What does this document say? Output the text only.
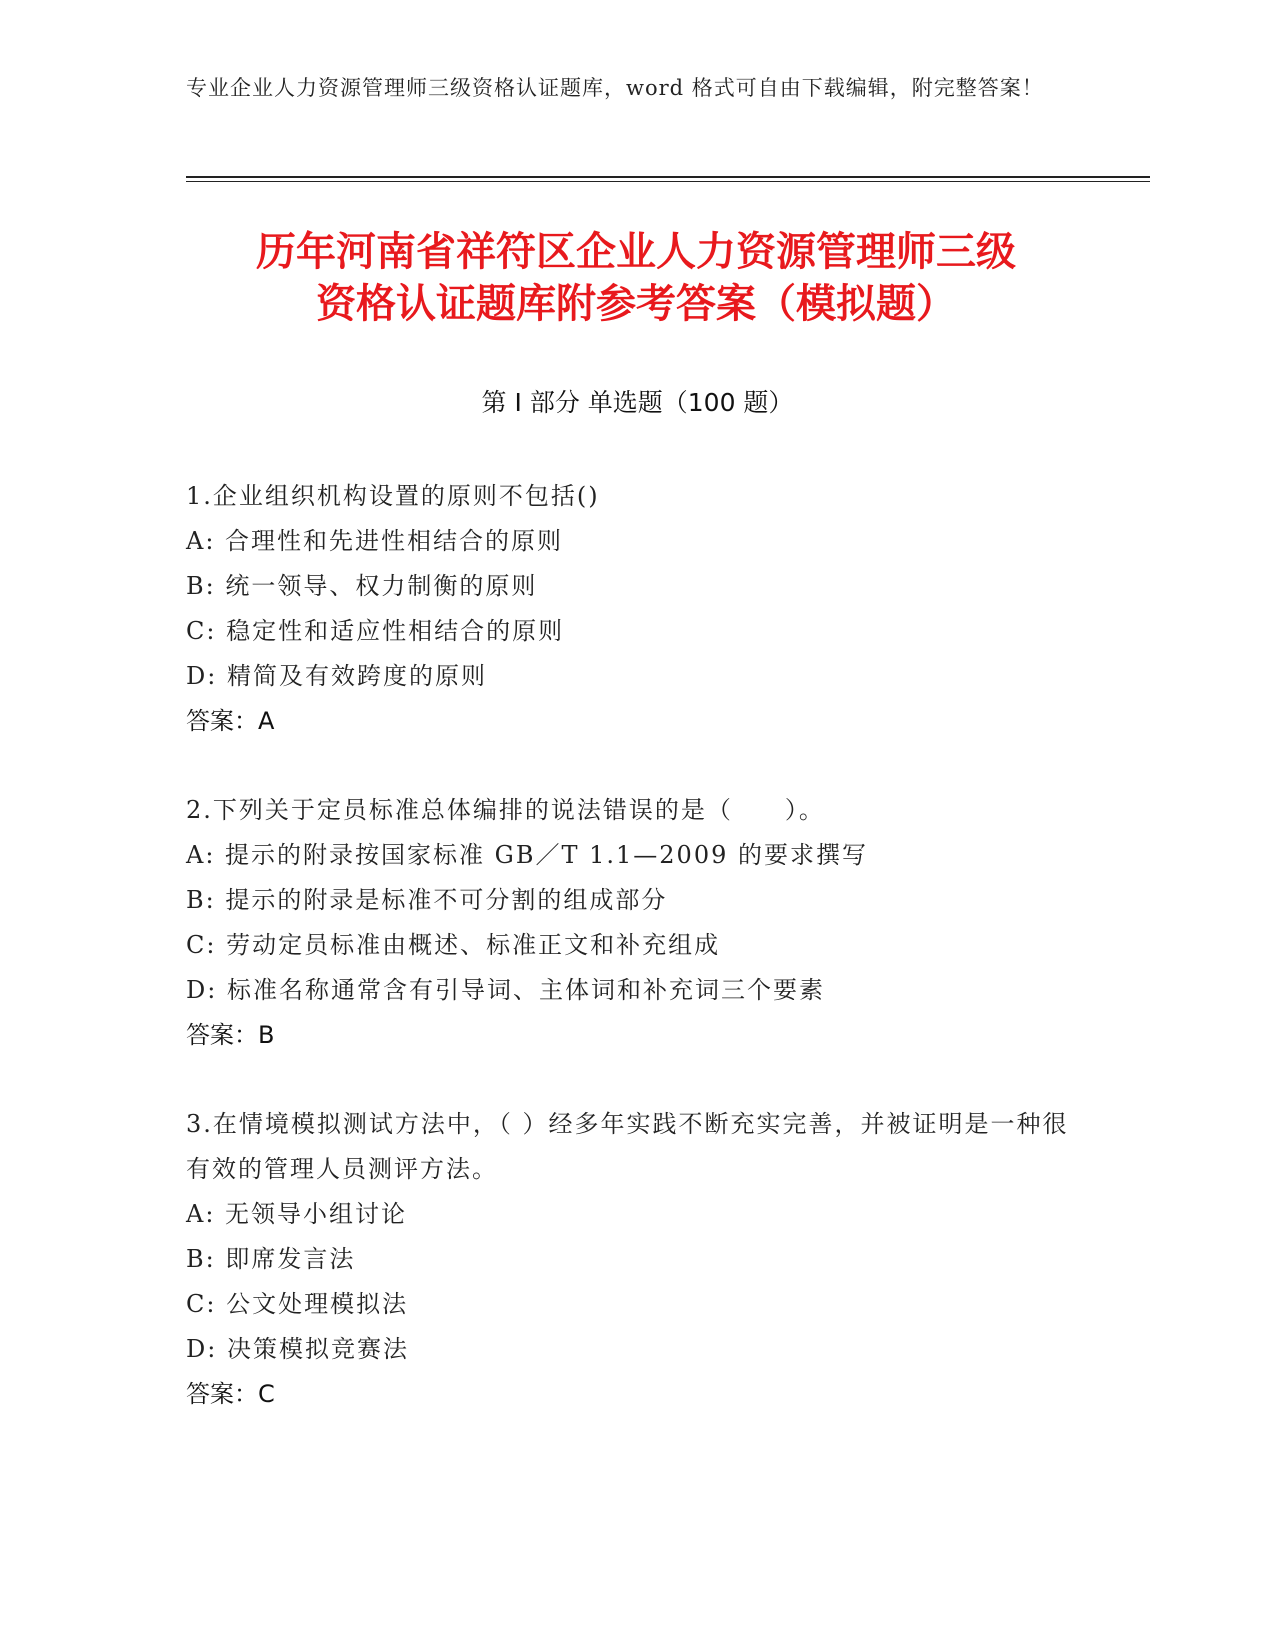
专业企业人力资源管理师三级资格认证题库，word 格式可自由下载编辑，附完整答案！
历年河南省祥符区企业人力资源管理师三级
资格认证题库附参考答案（模拟题）
第 I 部分 单选题（100 题）
1.企业组织机构设置的原则不包括()
A: 合理性和先进性相结合的原则
B: 统一领导、权力制衡的原则
C: 稳定性和适应性相结合的原则
D: 精简及有效跨度的原则
答案：A
2.下列关于定员标准总体编排的说法错误的是（　　）。
A: 提示的附录按国家标准 GB／T 1.1—2009 的要求撰写
B: 提示的附录是标准不可分割的组成部分
C: 劳动定员标准由概述、标准正文和补充组成
D: 标准名称通常含有引导词、主体词和补充词三个要素
答案：B
3.在情境模拟测试方法中，（ ）经多年实践不断充实完善，并被证明是一种很有效的管理人员测评方法。
A: 无领导小组讨论
B: 即席发言法
C: 公文处理模拟法
D: 决策模拟竞赛法
答案：C
